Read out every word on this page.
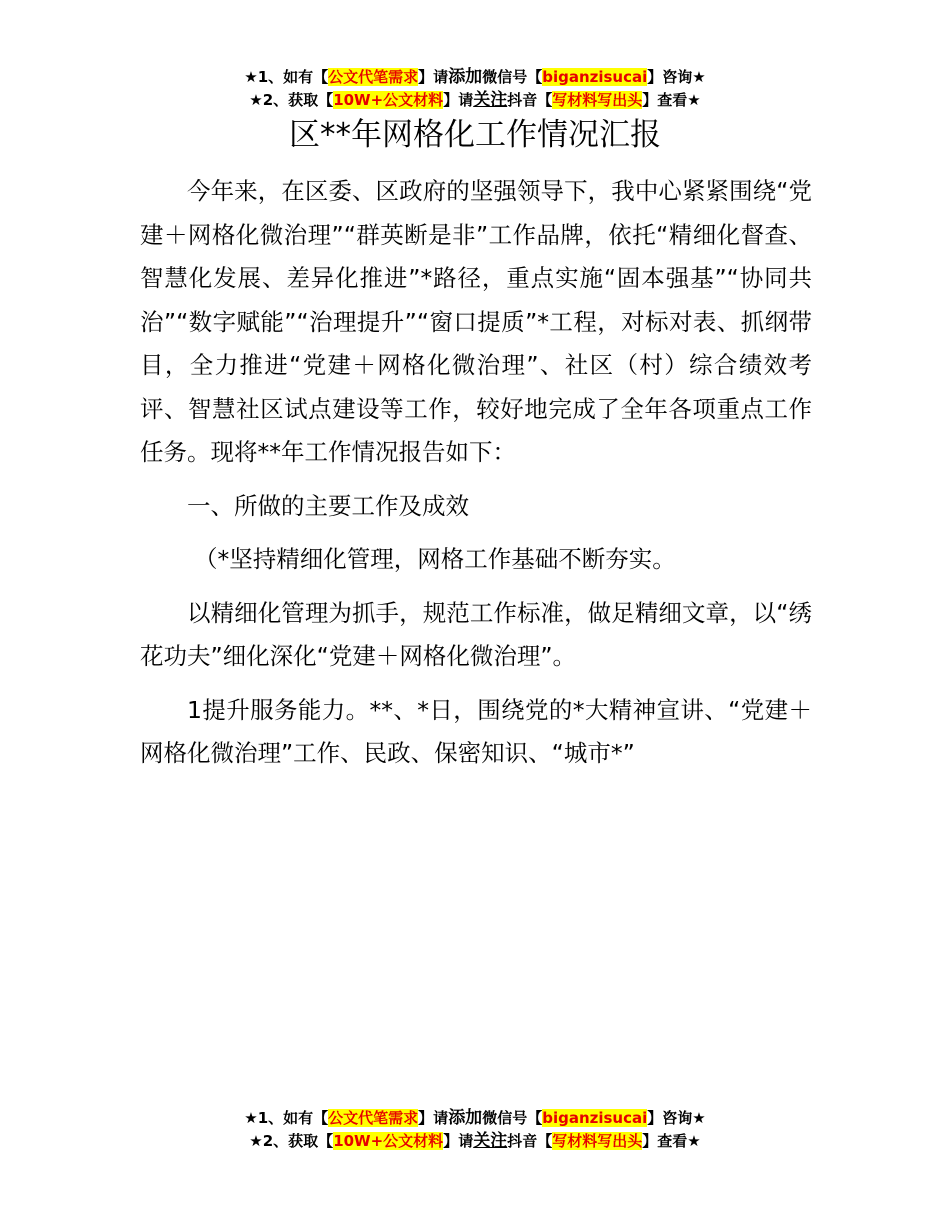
★1、如有【公文代笔需求】请添加微信号【biganzisucai】咨询★
★2、获取【10W+公文材料】请关注抖音【写材料写出头】查看★
区**年网格化工作情况汇报

今年来，在区委、区政府的坚强领导下，我中心紧紧围绕“党建＋网格化微治理”“群英断是非”工作品牌，依托“精细化督查、智慧化发展、差异化推进”*路径，重点实施“固本强基”“协同共治”“数字赋能”“治理提升”“窗口提质”*工程，对标对表、抓纲带目，全力推进“党建＋网格化微治理”、社区（村）综合绩效考评、智慧社区试点建设等工作，较好地完成了全年各项重点工作任务。现将**年工作情况报告如下：

一、所做的主要工作及成效

（*坚持精细化管理，网格工作基础不断夯实。

以精细化管理为抓手，规范工作标准，做足精细文章，以“绣花功夫”细化深化“党建＋网格化微治理”。

1提升服务能力。**、*日，围绕党的*大精神宣讲、“党建＋网格化微治理”工作、民政、保密知识、“城市*”

★1、如有【公文代笔需求】请添加微信号【biganzisucai】咨询★
★2、获取【10W+公文材料】请关注抖音【写材料写出头】查看★
